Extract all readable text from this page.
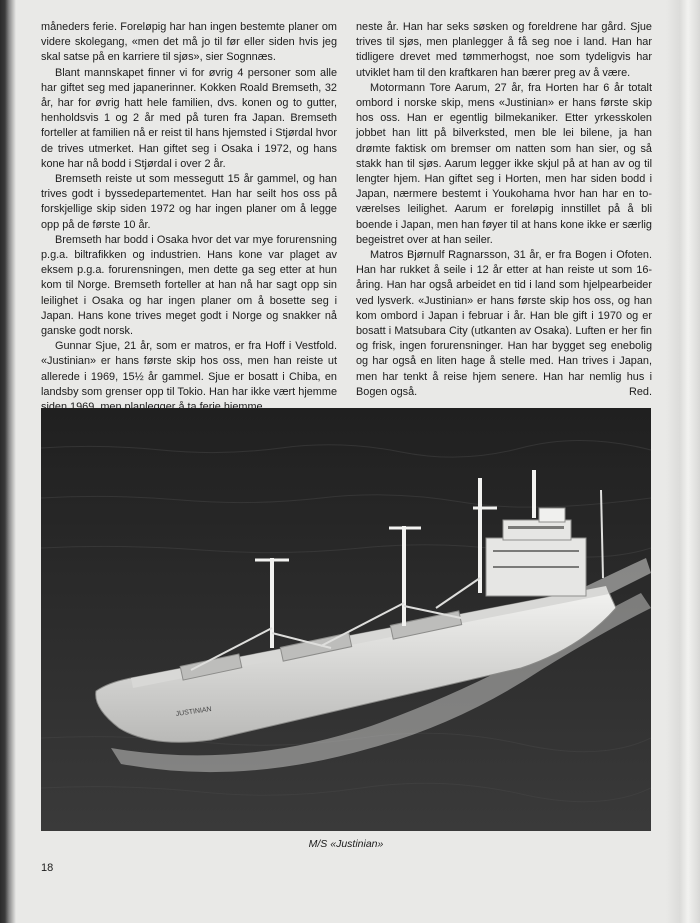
måneders ferie. Foreløpig har han ingen bestemte planer om videre skolegang, «men det må jo til før eller siden hvis jeg skal satse på en karriere til sjøs», sier Sognnæs.

Blant mannskapet finner vi for øvrig 4 personer som alle har giftet seg med japanerinner. Kokken Roald Bremseth, 32 år, har for øvrig hatt hele familien, dvs. konen og to gutter, henholdsvis 1 og 2 år med på turen fra Japan. Bremseth forteller at familien nå er reist til hans hjemsted i Stjørdal hvor de trives utmerket. Han giftet seg i Osaka i 1972, og hans kone har nå bodd i Stjørdal i over 2 år.

Bremseth reiste ut som messegutt 15 år gammel, og han trives godt i byssedepartementet. Han har seilt hos oss på forskjellige skip siden 1972 og har ingen planer om å legge opp på de første 10 år.

Bremseth har bodd i Osaka hvor det var mye forurensning p.g.a. biltrafikken og industrien. Hans kone var plaget av eksem p.g.a. forurensningen, men dette ga seg etter at hun kom til Norge. Bremseth forteller at han nå har sagt opp sin leilighet i Osaka og har ingen planer om å bosette seg i Japan. Hans kone trives meget godt i Norge og snakker nå ganske godt norsk.

Gunnar Sjue, 21 år, som er matros, er fra Hoff i Vestfold. «Justinian» er hans første skip hos oss, men han reiste ut allerede i 1969, 15½ år gammel. Sjue er bosatt i Chiba, en landsby som grenser opp til Tokio. Han har ikke vært hjemme

neste år. Han har seks søsken og foreldrene har gård. Sjue trives til sjøs, men planlegger å få seg noe i land. Han har tidligere drevet med tømmerhogst, noe som tydeligvis har utviklet ham til den kraftkaren han bærer preg av å være.

Motormann Tore Aarum, 27 år, fra Horten har 6 år totalt ombord i norske skip, mens «Justinian» er hans første skip hos oss. Han er egentlig bilmekaniker. Etter yrkesskolen jobbet han litt på bilverksted, men ble lei bilene, ja han drømte faktisk om bremser om natten som han sier, og så stakk han til sjøs. Aarum legger ikke skjul på at han av og til lengter hjem. Han giftet seg i Horten, men har siden bodd i Japan, nærmere bestemt i Youkohama hvor han har en to-værelses leilighet. Aarum er foreløpig innstillet på å bli boende i Japan, men han føyer til at hans kone ikke er særlig begeistret over at han seiler.

Matros Bjørnulf Ragnarsson, 31 år, er fra Bogen i Ofoten. Han har rukket å seile i 12 år etter at han reiste ut som 16-åring. Han har også arbeidet en tid i land som hjelpearbeider ved lysverk. «Justinian» er hans første skip hos oss, og han kom ombord i Japan i februar i år. Han ble gift i 1970 og er bosatt i Matsubara City (utkanten av Osaka). Luften er her fin og frisk, ingen forurensninger. Han har bygget seg enebolig og har også en liten hage å stelle med. Han trives i Japan, men har tenkt å reise hjem senere. Han har nemlig hus i Bogen også.	Red.

JUSTINIAN
M/S «Justinian»
18
